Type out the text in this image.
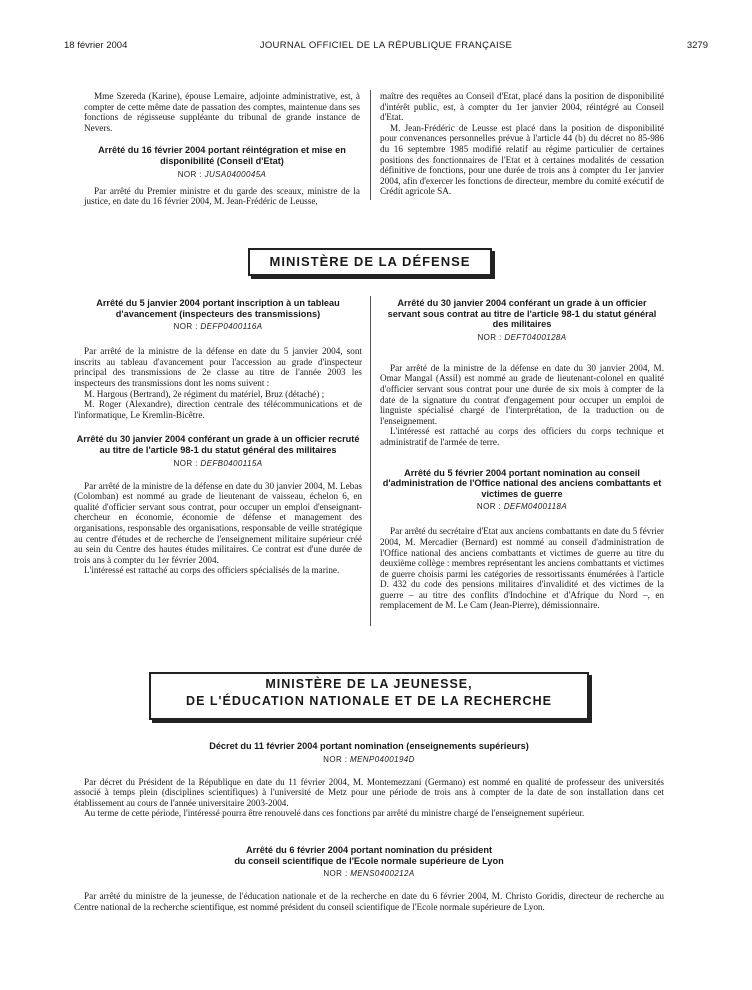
18 février 2004	JOURNAL OFFICIEL DE LA RÉPUBLIQUE FRANÇAISE	3279

Mme Szereda (Karine), épouse Lemaire, adjointe administrative, est, à compter de cette même date de passation des comptes, maintenue dans ses fonctions de régisseuse suppléante du tribunal de grande instance de Nevers.

Arrêté du 16 février 2004 portant réintégration et mise en disponibilité (Conseil d'Etat)

NOR : JUSA0400045A

Par arrêté du Premier ministre et du garde des sceaux, ministre de la justice, en date du 16 février 2004, M. Jean-Frédéric de Leusse,

maître des requêtes au Conseil d'Etat, placé dans la position de disponibilité d'intérêt public, est, à compter du 1er janvier 2004, réintégré au Conseil d'Etat.

M. Jean-Frédéric de Leusse est placé dans la position de disponibilité pour convenances personnelles prévue à l'article 44 (b) du décret no 85-986 du 16 septembre 1985 modifié relatif au régime particulier de certaines positions des fonctionnaires de l'Etat et à certaines modalités de cessation définitive de fonctions, pour une durée de trois ans à compter du 1er janvier 2004, afin d'exercer les fonctions de directeur, membre du comité exécutif de Crédit agricole SA.

MINISTÈRE DE LA DÉFENSE

Arrêté du 5 janvier 2004 portant inscription à un tableau d'avancement (inspecteurs des transmissions)

NOR : DEFP0400116A

Par arrêté de la ministre de la défense en date du 5 janvier 2004, sont inscrits au tableau d'avancement pour l'accession au grade d'inspecteur principal des transmissions de 2e classe au titre de l'année 2003 les inspecteurs des transmissions dont les noms suivent :

M. Hargous (Bertrand), 2e régiment du matériel, Bruz (détaché) ;

M. Roger (Alexandre), direction centrale des télécommunications et de l'informatique, Le Kremlin-Bicêtre.

Arrêté du 30 janvier 2004 conférant un grade à un officier recruté au titre de l'article 98-1 du statut général des militaires

NOR : DEFB0400115A

Par arrêté de la ministre de la défense en date du 30 janvier 2004, M. Lebas (Colomban) est nommé au grade de lieutenant de vaisseau, échelon 6, en qualité d'officier servant sous contrat, pour occuper un emploi d'enseignant-chercheur en économie, économie de défense et management des organisations, responsable des organisations, responsable de veille stratégique au centre d'études et de recherche de l'enseignement militaire supérieur créé au sein du Centre des hautes études militaires. Ce contrat est d'une durée de trois ans à compter du 1er février 2004.

L'intéressé est rattaché au corps des officiers spécialisés de la marine.

Arrêté du 30 janvier 2004 conférant un grade à un officier servant sous contrat au titre de l'article 98-1 du statut général des militaires

NOR : DEFT0400128A

Par arrêté de la ministre de la défense en date du 30 janvier 2004, M. Omar Mangal (Assil) est nommé au grade de lieutenant-colonel en qualité d'officier servant sous contrat pour une durée de six mois à compter de la date de la signature du contrat d'engagement pour occuper un emploi de linguiste spécialisé chargé de l'interprétation, de la traduction ou de l'enseignement.

L'intéressé est rattaché au corps des officiers du corps technique et administratif de l'armée de terre.

Arrêté du 5 février 2004 portant nomination au conseil d'administration de l'Office national des anciens combattants et victimes de guerre

NOR : DEFM0400118A

Par arrêté du secrétaire d'Etat aux anciens combattants en date du 5 février 2004, M. Mercadier (Bernard) est nommé au conseil d'administration de l'Office national des anciens combattants et victimes de guerre au titre du deuxième collège : membres représentant les anciens combattants et victimes de guerre choisis parmi les catégories de ressortissants énumérées à l'article D. 432 du code des pensions militaires d'invalidité et des victimes de la guerre – au titre des conflits d'Indochine et d'Afrique du Nord –, en remplacement de M. Le Cam (Jean-Pierre), démissionnaire.

MINISTÈRE DE LA JEUNESSE,
DE L'ÉDUCATION NATIONALE ET DE LA RECHERCHE

Décret du 11 février 2004 portant nomination (enseignements supérieurs)

NOR : MENP0400194D

Par décret du Président de la République en date du 11 février 2004, M. Montemezzani (Germano) est nommé en qualité de professeur des universités associé à temps plein (disciplines scientifiques) à l'université de Metz pour une période de trois ans à compter de la date de son installation dans cet établissement au cours de l'année universitaire 2003-2004.

Au terme de cette période, l'intéressé pourra être renouvelé dans ces fonctions par arrêté du ministre chargé de l'enseignement supérieur.

Arrêté du 6 février 2004 portant nomination du président

du conseil scientifique de l'Ecole normale supérieure de Lyon

NOR : MENS0400212A

Par arrêté du ministre de la jeunesse, de l'éducation nationale et de la recherche en date du 6 février 2004, M. Christo Goridis, directeur de recherche au Centre national de la recherche scientifique, est nommé président du conseil scientifique de l'Ecole normale supérieure de Lyon.
